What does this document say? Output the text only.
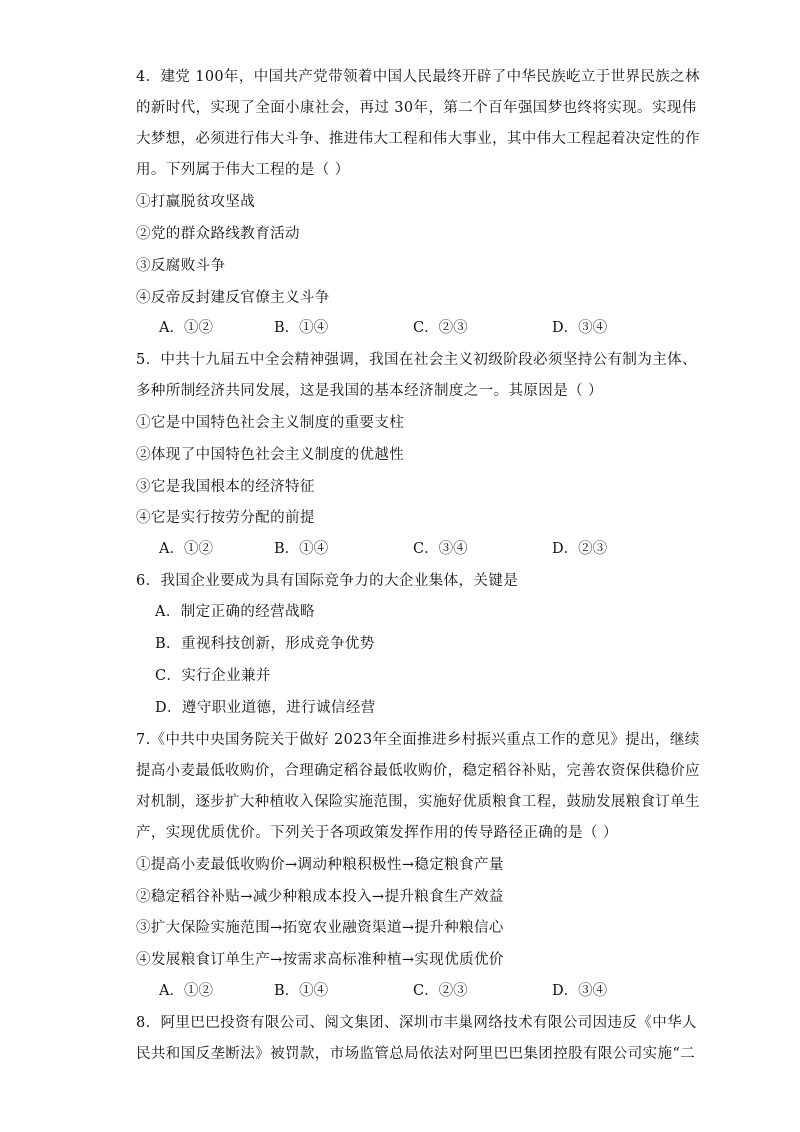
4．建党 100年，中国共产党带领着中国人民最终开辟了中华民族屹立于世界民族之林
的新时代，实现了全面小康社会，再过 30年，第二个百年强国梦也终将实现。实现伟
大梦想，必须进行伟大斗争、推进伟大工程和伟大事业，其中伟大工程起着决定性的作
用。下列属于伟大工程的是（ ）
①打赢脱贫攻坚战
②党的群众路线教育活动
③反腐败斗争
④反帝反封建反官僚主义斗争
A．①②	B．①④	C．②③	D．③④
5．中共十九届五中全会精神强调，我国在社会主义初级阶段必须坚持公有制为主体、
多种所制经济共同发展，这是我国的基本经济制度之一。其原因是（ ）
①它是中国特色社会主义制度的重要支柱
②体现了中国特色社会主义制度的优越性
③它是我国根本的经济特征
④它是实行按劳分配的前提
A．①②	B．①④	C．③④	D．②③
6．我国企业要成为具有国际竞争力的大企业集体，关键是
A．制定正确的经营战略
B．重视科技创新，形成竞争优势
C．实行企业兼并
D．遵守职业道德，进行诚信经营
7.《中共中央国务院关于做好 2023年全面推进乡村振兴重点工作的意见》提出，继续
提高小麦最低收购价，合理确定稻谷最低收购价，稳定稻谷补贴，完善农资保供稳价应
对机制，逐步扩大种植收入保险实施范围，实施好优质粮食工程，鼓励发展粮食订单生
产，实现优质优价。下列关于各项政策发挥作用的传导路径正确的是（ ）
①提高小麦最低收购价→调动种粮积极性→稳定粮食产量
②稳定稻谷补贴→减少种粮成本投入→提升粮食生产效益
③扩大保险实施范围→拓宽农业融资渠道→提升种粮信心
④发展粮食订单生产→按需求高标准种植→实现优质优价
A．①②	B．①④	C．②③	D．③④
8．阿里巴巴投资有限公司、阅文集团、深圳市丰巢网络技术有限公司因违反《中华人
民共和国反垄断法》被罚款，市场监管总局依法对阿里巴巴集团控股有限公司实施“二
